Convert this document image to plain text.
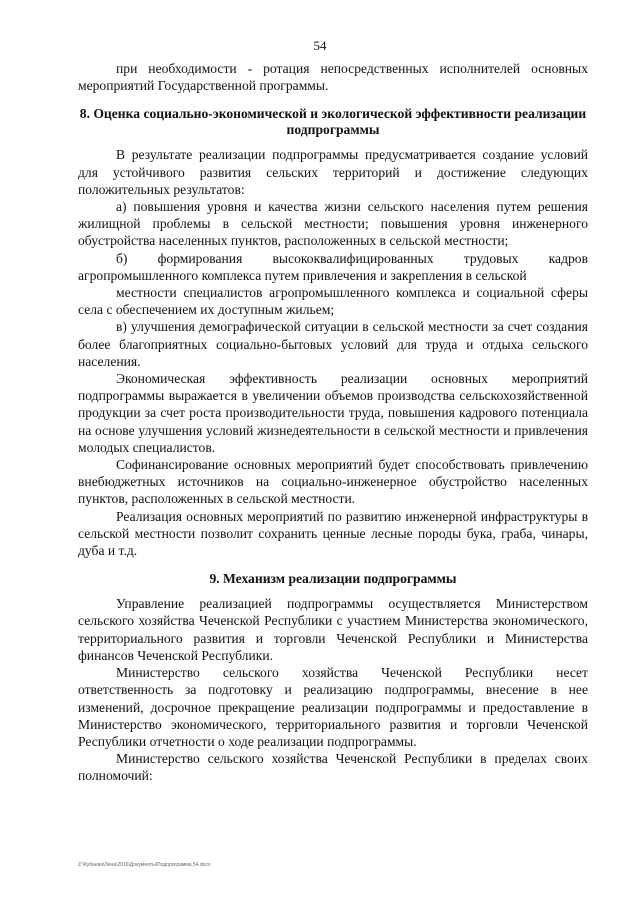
54

при необходимости - ротация непосредственных исполнителей основных мероприятий Государственной программы.

8. Оценка социально-экономической и экологической эффективности реализации подпрограммы

В результате реализации подпрограммы предусматривается создание условий для устойчивого развития сельских территорий и достижение следующих положительных результатов:

а) повышения уровня и качества жизни сельского населения путем решения жилищной проблемы в сельской местности; повышения уровня инженерного обустройства населенных пунктов, расположенных в сельской местности;

б) формирования высококвалифицированных трудовых кадров агропромышленного комплекса путем привлечения и закрепления в сельской

местности специалистов агропромышленного комплекса и социальной сферы села с обеспечением их доступным жильем;

в) улучшения демографической ситуации в сельской местности за счет создания более благоприятных социально-бытовых условий для труда и отдыха сельского населения.

Экономическая эффективность реализации основных мероприятий подпрограммы выражается в увеличении объемов производства сельскохозяйственной продукции за счет роста производительности труда, повышения кадрового потенциала на основе улучшения условий жизнедеятельности в сельской местности и привлечения молодых специалистов.

Софинансирование основных мероприятий будет способствовать привлечению внебюджетных источников на социально-инженерное обустройство населенных пунктов, расположенных в сельской местности.

Реализация основных мероприятий по развитию инженерной инфраструктуры в сельской местности позволит сохранить ценные лесные породы бука, граба, чинары, дуба и т.д.

9. Механизм реализации подпрограммы

Управление реализацией подпрограммы осуществляется Министерством сельского хозяйства Чеченской Республики с участием Министерства экономического, территориального развития и торговли Чеченской Республики и Министерства финансов Чеченской Республики.

Министерство сельского хозяйства Чеченской Республики несет ответственность за подготовку и реализацию подпрограммы, внесение в нее изменений, досрочное прекращение реализации подпрограммы и предоставление в Министерство экономического, территориального развития и торговли Чеченской Республики отчетности о ходе реализации подпрограммы.

Министерство сельского хозяйства Чеченской Республики в пределах своих полномочий:

Z:\Кубаева\Лена\2016\Документы\Подпрограмма 54.docx
